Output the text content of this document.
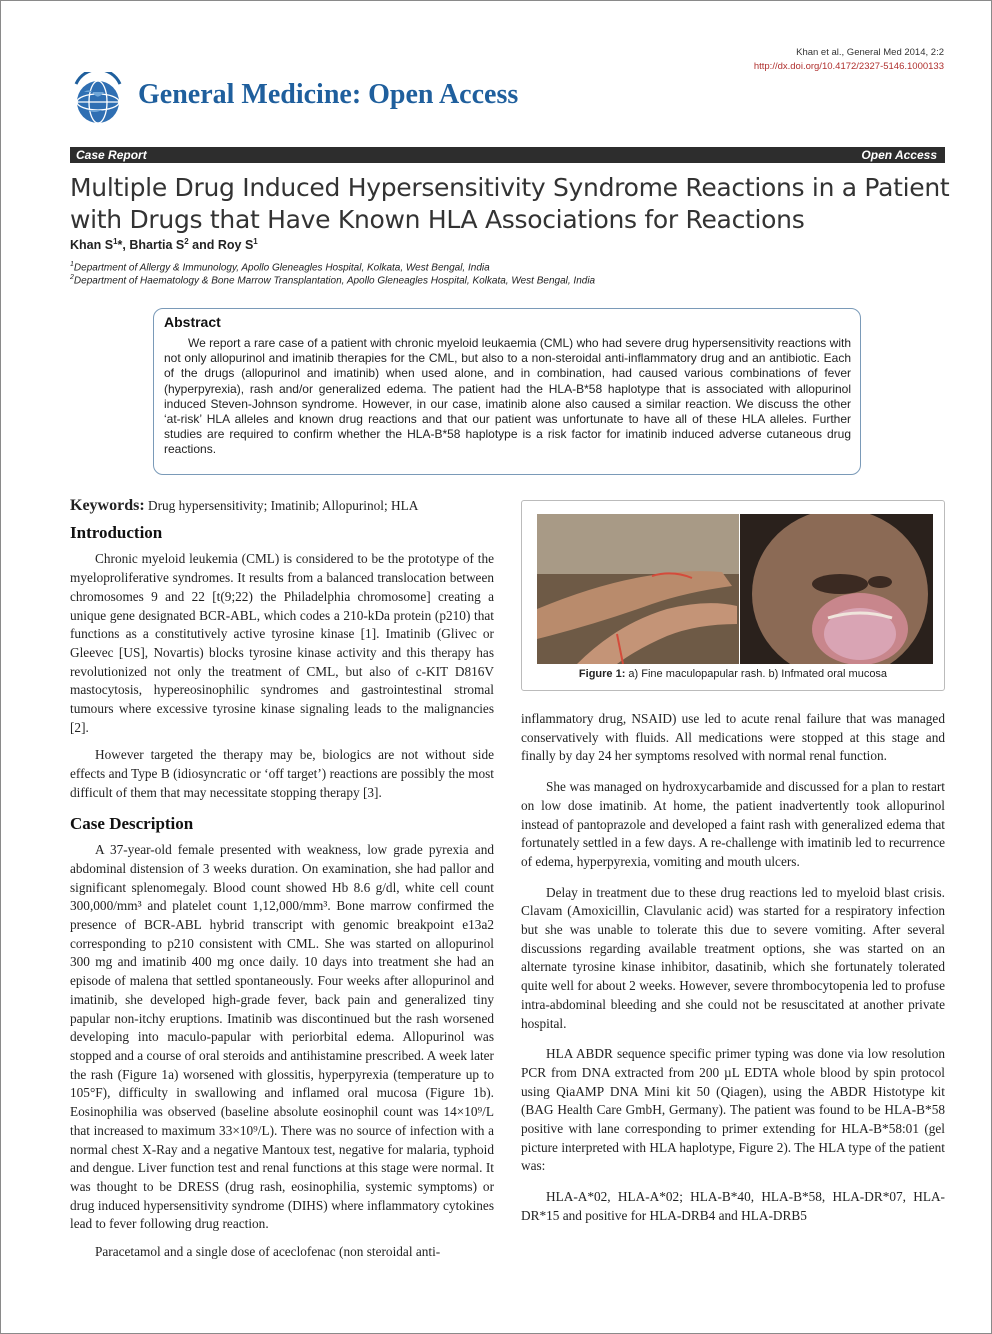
Khan et al., General Med 2014, 2:2
http://dx.doi.org/10.4172/2327-5146.1000133
General Medicine: Open Access
Case Report	Open Access
Multiple Drug Induced Hypersensitivity Syndrome Reactions in a Patient with Drugs that Have Known HLA Associations for Reactions
Khan $S^1*$, Bhartia $S^2$ and Roy $S^1$
$^1$Department of Allergy & Immunology, Apollo Gleneagles Hospital, Kolkata, West Bengal, India
$^2$Department of Haematology & Bone Marrow Transplantation, Apollo Gleneagles Hospital, Kolkata, West Bengal, India
Abstract

We report a rare case of a patient with chronic myeloid leukaemia (CML) who had severe drug hypersensitivity reactions with not only allopurinol and imatinib therapies for the CML, but also to a non-steroidal anti-inflammatory drug and an antibiotic. Each of the drugs (allopurinol and imatinib) when used alone, and in combination, had caused various combinations of fever (hyperpyrexia), rash and/or generalized edema. The patient had the HLA-B*58 haplotype that is associated with allopurinol induced Steven-Johnson syndrome. However, in our case, imatinib alone also caused a similar reaction. We discuss the other ‘at-risk’ HLA alleles and known drug reactions and that our patient was unfortunate to have all of these HLA alleles. Further studies are required to confirm whether the HLA-B*58 haplotype is a risk factor for imatinib induced adverse cutaneous drug reactions.

Keywords: Drug hypersensitivity; Imatinib; Allopurinol; HLA
Introduction

Chronic myeloid leukemia (CML) is considered to be the prototype of the myeloproliferative syndromes. It results from a balanced translocation between chromosomes 9 and 22 [t(9;22) the Philadelphia chromosome] creating a unique gene designated BCR-ABL, which codes a 210-kDa protein (p210) that functions as a constitutively active tyrosine kinase [1]. Imatinib (Glivec or Gleevec [US], Novartis) blocks tyrosine kinase activity and this therapy has revolutionized not only the treatment of CML, but also of c-KIT D816V mastocytosis, hypereosinophilic syndromes and gastrointestinal stromal tumours where excessive tyrosine kinase signaling leads to the malignancies [2].

However targeted the therapy may be, biologics are not without side effects and Type B (idiosyncratic or ‘off target’) reactions are possibly the most difficult of them that may necessitate stopping therapy [3].

Case Description

A 37-year-old female presented with weakness, low grade pyrexia and abdominal distension of 3 weeks duration. On examination, she had pallor and significant splenomegaly. Blood count showed Hb 8.6 g/dl, white cell count 300,000/mm³ and platelet count 1,12,000/mm³. Bone marrow confirmed the presence of BCR-ABL hybrid transcript with genomic breakpoint e13a2 corresponding to p210 consistent with CML. She was started on allopurinol 300 mg and imatinib 400 mg once daily. 10 days into treatment she had an episode of malena that settled spontaneously. Four weeks after allopurinol and imatinib, she developed high-grade fever, back pain and generalized tiny papular non-itchy eruptions. Imatinib was discontinued but the rash worsened developing into maculo-papular with periorbital edema. Allopurinol was stopped and a course of oral steroids and antihistamine prescribed. A week later the rash (Figure 1a) worsened with glossitis, hyperpyrexia (temperature up to 105°F), difficulty in swallowing and inflamed oral mucosa (Figure 1b). Eosinophilia was observed (baseline absolute eosinophil count was 14×10⁹/L that increased to maximum 33×10⁹/L). There was no source of infection with a normal chest X-Ray and a negative Mantoux test, negative for malaria, typhoid and dengue. Liver function test and renal functions at this stage were normal. It was thought to be DRESS (drug rash, eosinophilia, systemic symptoms) or drug induced hypersensitivity syndrome (DIHS) where inflammatory cytokines lead to fever following drug reaction.

Paracetamol and a single dose of aceclofenac (non steroidal anti-

Figure 1: a) Fine maculopapular rash. b) Infmated oral mucosa

inflammatory drug, NSAID) use led to acute renal failure that was managed conservatively with fluids. All medications were stopped at this stage and finally by day 24 her symptoms resolved with normal renal function.

She was managed on hydroxycarbamide and discussed for a plan to restart on low dose imatinib. At home, the patient inadvertently took allopurinol instead of pantoprazole and developed a faint rash with generalized edema that fortunately settled in a few days. A re-challenge with imatinib led to recurrence of edema, hyperpyrexia, vomiting and mouth ulcers.

Delay in treatment due to these drug reactions led to myeloid blast crisis. Clavam (Amoxicillin, Clavulanic acid) was started for a respiratory infection but she was unable to tolerate this due to severe vomiting. After several discussions regarding available treatment options, she was started on an alternate tyrosine kinase inhibitor, dasatinib, which she fortunately tolerated quite well for about 2 weeks. However, severe thrombocytopenia led to profuse intra-abdominal bleeding and she could not be resuscitated at another private hospital.

HLA ABDR sequence specific primer typing was done via low resolution PCR from DNA extracted from 200 µL EDTA whole blood by spin protocol using QiaAMP DNA Mini kit 50 (Qiagen), using the ABDR Histotype kit (BAG Health Care GmbH, Germany). The patient was found to be HLA-B*58 positive with lane corresponding to primer extending for HLA-B*58:01 (gel picture interpreted with HLA haplotype, Figure 2). The HLA type of the patient was:

HLA-A*02, HLA-A*02; HLA-B*40, HLA-B*58, HLA-DR*07, HLA-DR*15 and positive for HLA-DRB4 and HLA-DRB5
